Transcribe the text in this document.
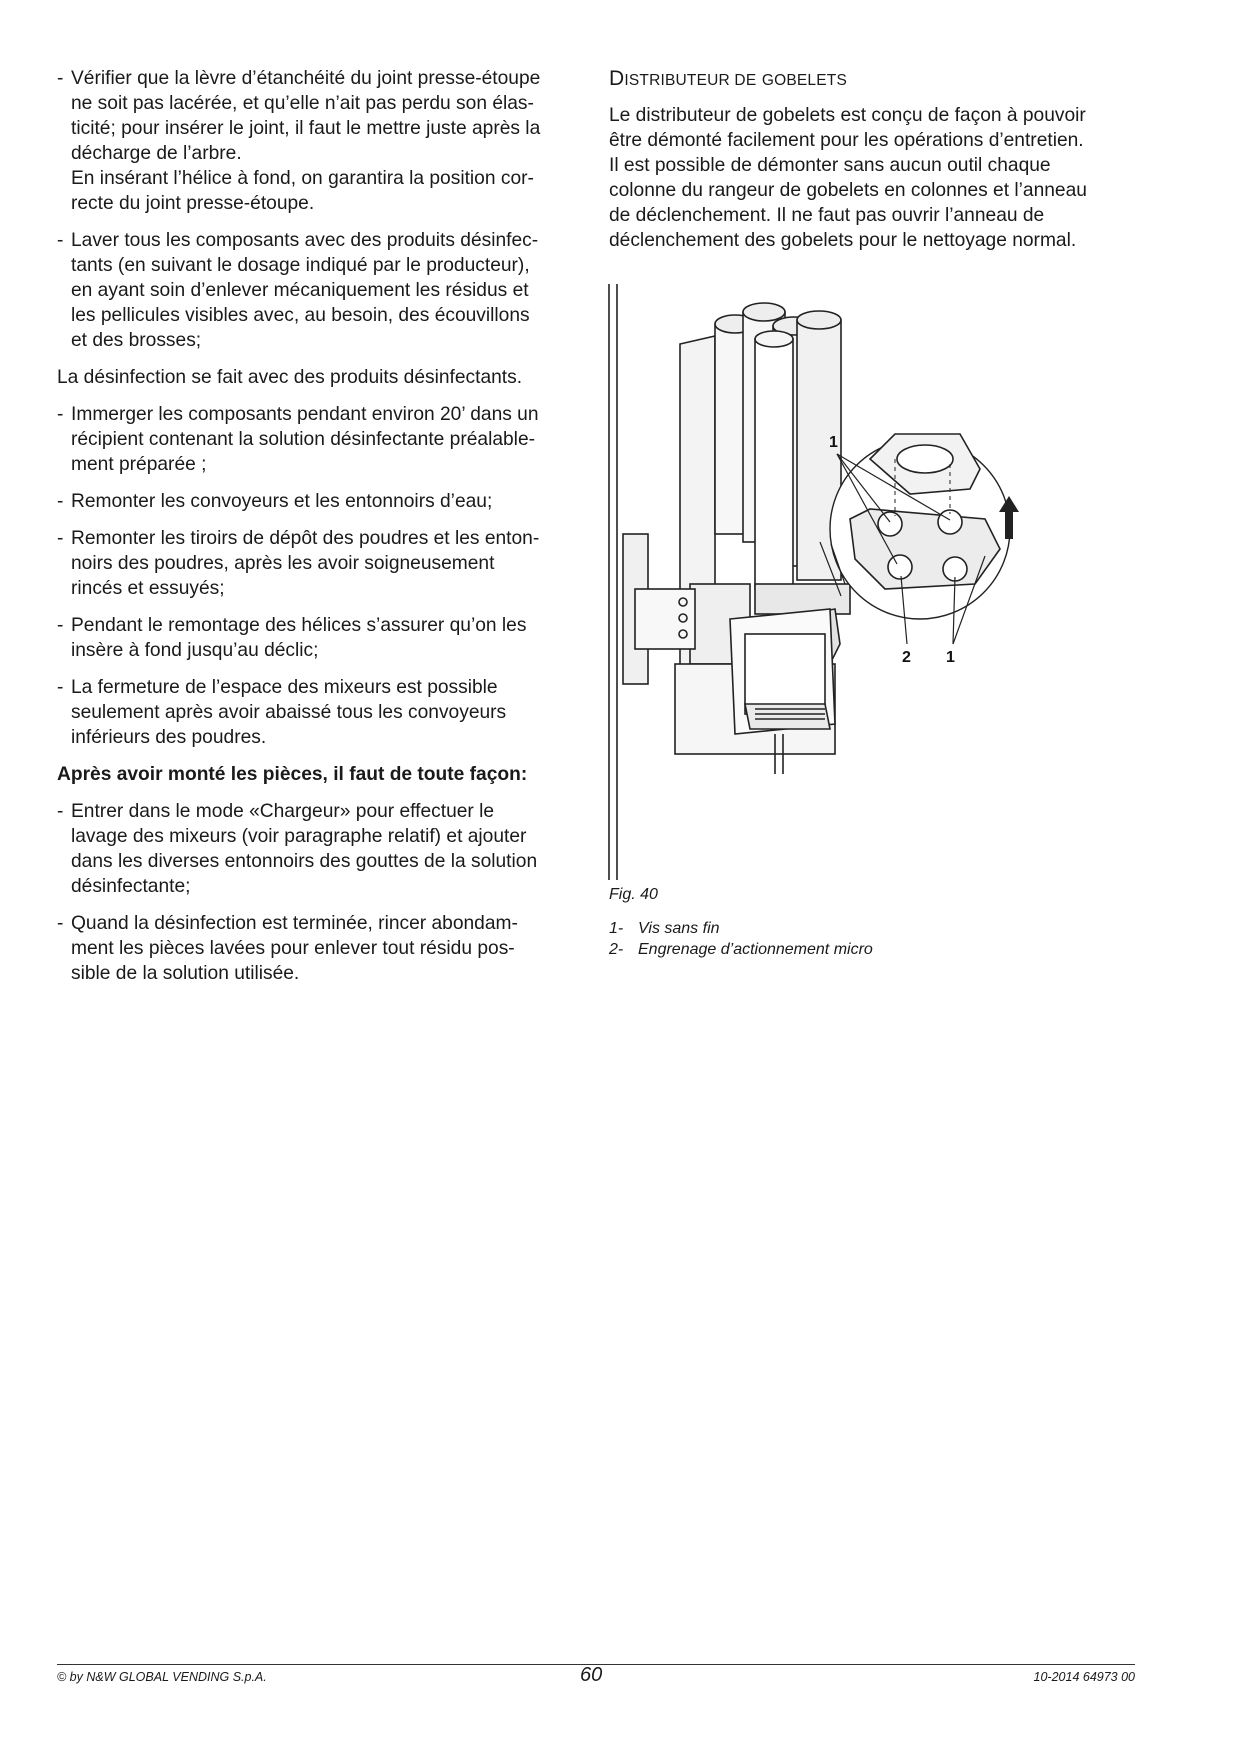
- Vérifier que la lèvre d’étanchéité du joint presse-étoupe

ne soit pas lacérée, et qu’elle n’ait pas perdu son élas-

ticité; pour insérer le joint, il faut le mettre juste après la

décharge de l’arbre.

En insérant l’hélice à fond, on garantira la position cor-

recte du joint presse-étoupe.

- Laver tous les composants avec des produits désinfec-

tants (en suivant le dosage indiqué par le producteur),

en ayant soin d’enlever mécaniquement les résidus et

les pellicules visibles avec, au besoin, des écouvillons

et des brosses;

La désinfection se fait avec des produits désinfectants.

- Immerger les composants pendant environ 20’ dans un

récipient contenant la solution désinfectante préalable-

ment préparée ;

- Remonter les convoyeurs et les entonnoirs d’eau;

- Remonter les tiroirs de dépôt des poudres et les enton-

noirs des poudres, après les avoir soigneusement

rincés et essuyés;

- Pendant le remontage des hélices s’assurer qu’on les

insère à fond jusqu’au déclic;

- La fermeture de l’espace des mixeurs est possible

seulement après avoir abaissé tous les convoyeurs

inférieurs des poudres.

Après avoir monté les pièces, il faut de toute façon:

- Entrer dans le mode «Chargeur» pour effectuer le

lavage des mixeurs (voir paragraphe relatif) et ajouter

dans les diverses entonnoirs des gouttes de la solution

désinfectante;

- Quand la désinfection est terminée, rincer abondam-

ment les pièces lavées pour enlever tout résidu pos-

sible de la solution utilisée.

DISTRIBUTEUR DE GOBELETS

Le distributeur de gobelets est conçu de façon à pouvoir

être démonté facilement pour les opérations d’entretien.

Il est possible de démonter sans aucun outil chaque

colonne du rangeur de gobelets en colonnes et l’anneau

de déclenchement. Il ne faut pas ouvrir l’anneau de

déclenchement des gobelets pour le nettoyage normal.

1
2 1
Fig. 40
1- Vis sans fin
2- Engrenage d’actionnement micro
© by N&W GLOBAL VENDING S.p.A.	60	10-2014 64973 00
